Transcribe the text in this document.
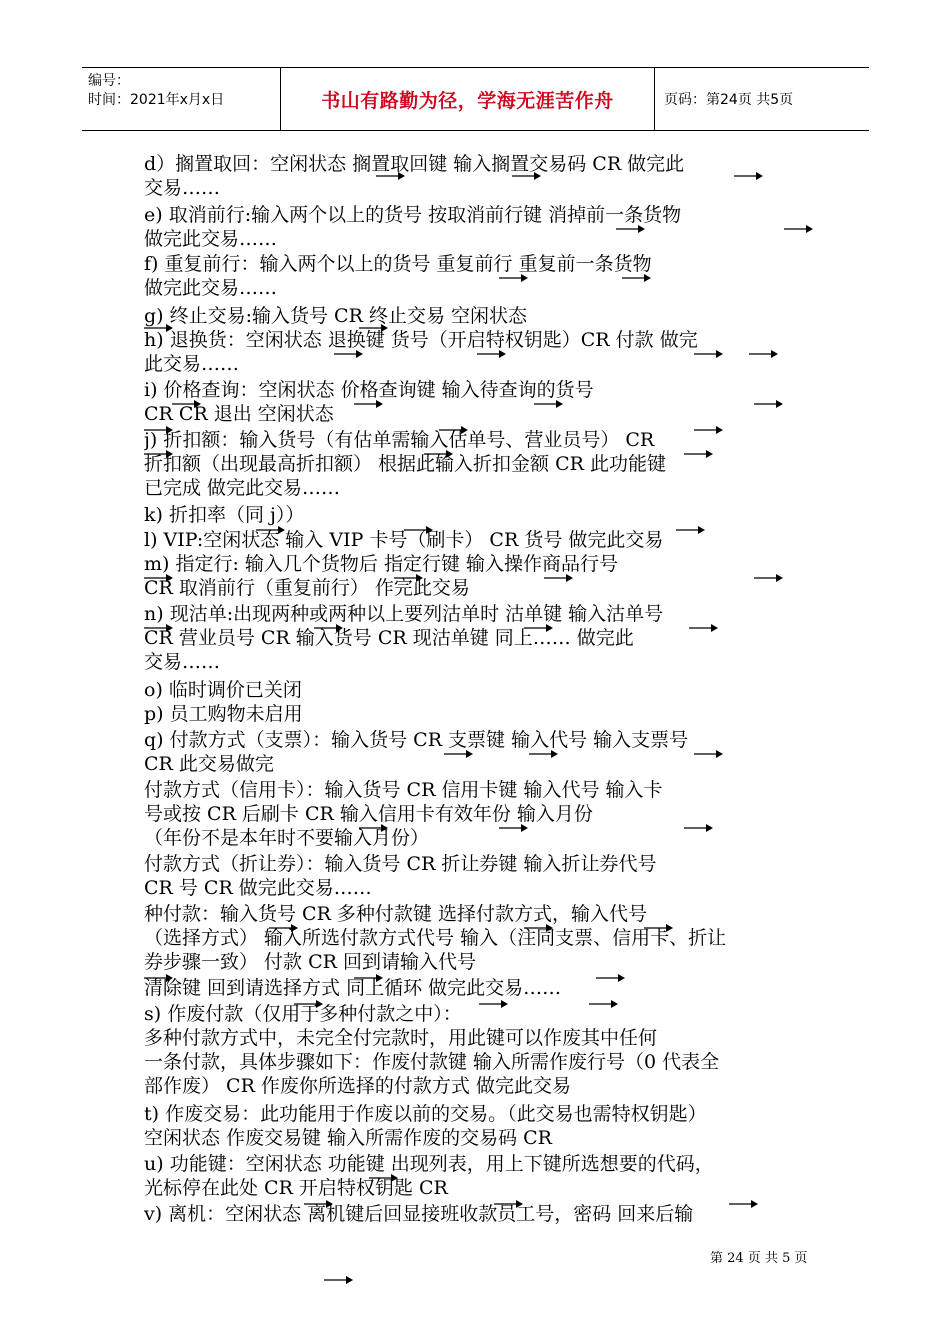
编号：
时间：2021年x月x日	书山有路勤为径，学海无涯苦作舟	页码：第24页 共5页
d）搁置取回：空闲状态 搁置取回键 输入搁置交易码 CR 做完此
交易……
e) 取消前行:输入两个以上的货号 按取消前行键 消掉前一条货物
做完此交易……
f) 重复前行：输入两个以上的货号 重复前行 重复前一条货物
做完此交易……
g) 终止交易:输入货号 CR 终止交易 空闲状态
h) 退换货：空闲状态 退换键 货号（开启特权钥匙）CR 付款 做完
此交易……
i) 价格查询：空闲状态 价格查询键 输入待查询的货号
CR CR 退出 空闲状态
j) 折扣额：输入货号（有估单需输入估单号、营业员号） CR
折扣额（出现最高折扣额） 根据此输入折扣金额 CR 此功能键
已完成 做完此交易……
k) 折扣率（同 j））
l) VIP:空闲状态 输入 VIP 卡号（刷卡） CR 货号 做完此交易
m) 指定行: 输入几个货物后 指定行键 输入操作商品行号
CR 取消前行（重复前行） 作完此交易
n) 现沽单:出现两种或两种以上要列沽单时 沽单键 输入沽单号
CR 营业员号 CR 输入货号 CR 现沽单键 同上…… 做完此
交易……
o) 临时调价已关闭
p) 员工购物未启用
q) 付款方式（支票）：输入货号 CR 支票键 输入代号 输入支票号
CR 此交易做完
付款方式（信用卡）：输入货号 CR 信用卡键 输入代号 输入卡
号或按 CR 后刷卡 CR 输入信用卡有效年份 输入月份
（年份不是本年时不要输入月份）
付款方式（折让券）：输入货号 CR 折让券键 输入折让券代号
CR 号 CR 做完此交易……
种付款：输入货号 CR 多种付款键 选择付款方式，输入代号
（选择方式） 输入所选付款方式代号 输入（注同支票、信用卡、折让
券步骤一致） 付款 CR 回到请输入代号
清除键 回到请选择方式 同上循环 做完此交易……
s) 作废付款（仅用于多种付款之中）：
多种付款方式中，未完全付完款时，用此键可以作废其中任何
一条付款，具体步骤如下：作废付款键 输入所需作废行号（0 代表全
部作废） CR 作废你所选择的付款方式 做完此交易
t) 作废交易：此功能用于作废以前的交易。（此交易也需特权钥匙）
空闲状态 作废交易键 输入所需作废的交易码 CR
u) 功能键：空闲状态 功能键 出现列表，用上下键所选想要的代码，
光标停在此处 CR 开启特权钥匙 CR
v) 离机：空闲状态 离机键后回显接班收款员工号，密码 回来后输
第 24 页 共 5 页
